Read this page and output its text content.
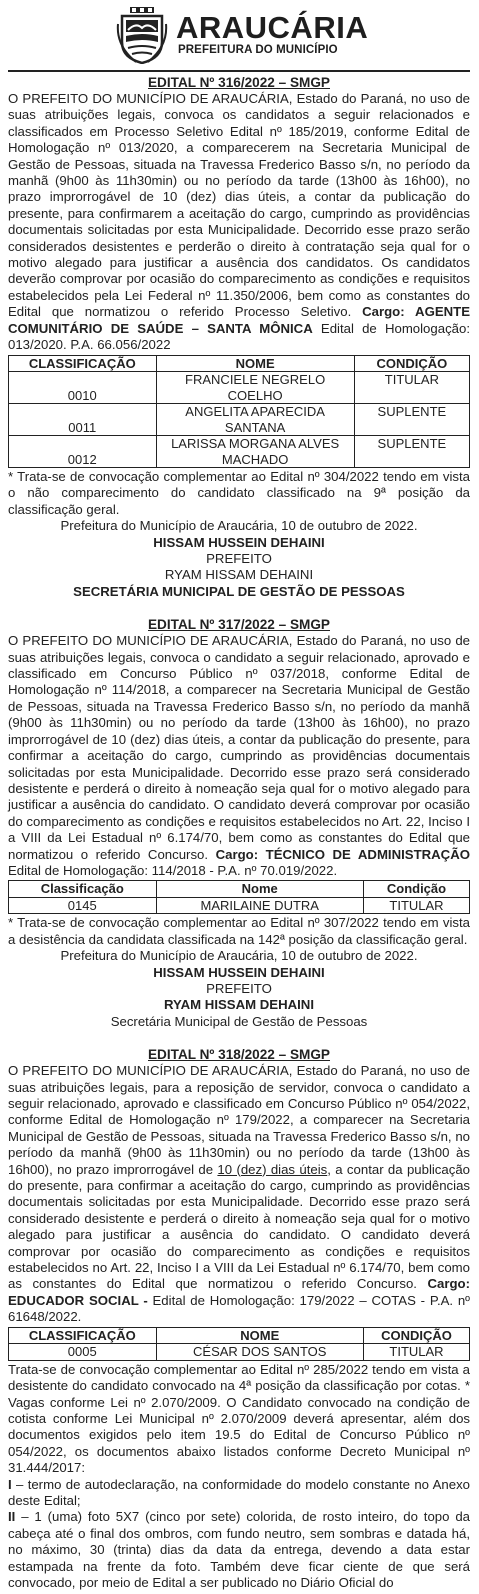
ARAUCÁRIA
PREFEITURA DO MUNICÍPIO
EDITAL Nº 316/2022 – SMGP

O PREFEITO DO MUNICÍPIO DE ARAUCÁRIA, Estado do Paraná, no uso de suas atribuições legais, convoca os candidatos a seguir relacionados e classificados em Processo Seletivo Edital nº 185/2019, conforme Edital de Homologação nº 013/2020, a comparecerem na Secretaria Municipal de Gestão de Pessoas, situada na Travessa Frederico Basso s/n, no período da manhã (9h00 às 11h30min) ou no período da tarde (13h00 às 16h00), no prazo improrrogável de 10 (dez) dias úteis, a contar da publicação do presente, para confirmarem a aceitação do cargo, cumprindo as providências documentais solicitadas por esta Municipalidade. Decorrido esse prazo serão considerados desistentes e perderão o direito à contratação seja qual for o motivo alegado para justificar a ausência dos candidatos. Os candidatos deverão comprovar por ocasião do comparecimento as condições e requisitos estabelecidos pela Lei Federal nº 11.350/2006, bem como as constantes do Edital que normatizou o referido Processo Seletivo. Cargo: AGENTE COMUNITÁRIO DE SAÚDE – SANTA MÔNICA Edital de Homologação: 013/2020. P.A. 66.056/2022

CLASSIFICAÇÃO	NOME	CONDIÇÃO
0010	FRANCIELE NEGRELO COELHO	TITULAR
0011	ANGELITA APARECIDA SANTANA	SUPLENTE
0012	LARISSA MORGANA ALVES MACHADO	SUPLENTE

* Trata-se de convocação complementar ao Edital nº 304/2022 tendo em vista o não comparecimento do candidato classificado na 9ª posição da classificação geral.

Prefeitura do Município de Araucária, 10 de outubro de 2022.

HISSAM HUSSEIN DEHAINI

PREFEITO

RYAM HISSAM DEHAINI

SECRETÁRIA MUNICIPAL DE GESTÃO DE PESSOAS

EDITAL Nº 317/2022 – SMGP

O PREFEITO DO MUNICÍPIO DE ARAUCÁRIA, Estado do Paraná, no uso de suas atribuições legais, convoca o candidato a seguir relacionado, aprovado e classificado em Concurso Público nº 037/2018, conforme Edital de Homologação nº 114/2018, a comparecer na Secretaria Municipal de Gestão de Pessoas, situada na Travessa Frederico Basso s/n, no período da manhã (9h00 às 11h30min) ou no período da tarde (13h00 às 16h00), no prazo improrrogável de 10 (dez) dias úteis, a contar da publicação do presente, para confirmar a aceitação do cargo, cumprindo as providências documentais solicitadas por esta Municipalidade. Decorrido esse prazo será considerado desistente e perderá o direito à nomeação seja qual for o motivo alegado para justificar a ausência do candidato. O candidato deverá comprovar por ocasião do comparecimento as condições e requisitos estabelecidos no Art. 22, Inciso I a VIII da Lei Estadual nº 6.174/70, bem como as constantes do Edital que normatizou o referido Concurso. Cargo: TÉCNICO DE ADMINISTRAÇÃO Edital de Homologação: 114/2018 - P.A. nº 70.019/2022.

Classificação	Nome	Condição
0145	MARILAINE DUTRA	TITULAR

* Trata-se de convocação complementar ao Edital nº 307/2022 tendo em vista a desistência da candidata classificada na 142ª posição da classificação geral.

Prefeitura do Município de Araucária, 10 de outubro de 2022.

HISSAM HUSSEIN DEHAINI

PREFEITO

RYAM HISSAM DEHAINI

Secretária Municipal de Gestão de Pessoas

EDITAL Nº 318/2022 – SMGP

O PREFEITO DO MUNICÍPIO DE ARAUCÁRIA, Estado do Paraná, no uso de suas atribuições legais, para a reposição de servidor, convoca o candidato a seguir relacionado, aprovado e classificado em Concurso Público nº 054/2022, conforme Edital de Homologação nº 179/2022, a comparecer na Secretaria Municipal de Gestão de Pessoas, situada na Travessa Frederico Basso s/n, no período da manhã (9h00 às 11h30min) ou no período da tarde (13h00 às 16h00), no prazo improrrogável de 10 (dez) dias úteis, a contar da publicação do presente, para confirmar a aceitação do cargo, cumprindo as providências documentais solicitadas por esta Municipalidade. Decorrido esse prazo será considerado desistente e perderá o direito à nomeação seja qual for o motivo alegado para justificar a ausência do candidato. O candidato deverá comprovar por ocasião do comparecimento as condições e requisitos estabelecidos no Art. 22, Inciso I a VIII da Lei Estadual nº 6.174/70, bem como as constantes do Edital que normatizou o referido Concurso. Cargo: EDUCADOR SOCIAL - Edital de Homologação: 179/2022 – COTAS - P.A. nº 61648/2022.

CLASSIFICAÇÃO	NOME	CONDIÇÃO
0005	CÉSAR DOS SANTOS	TITULAR

Trata-se de convocação complementar ao Edital nº 285/2022 tendo em vista a desistente do candidato convocado na 4ª posição da classificação por cotas. * Vagas conforme Lei nº 2.070/2009. O Candidato convocado na condição de cotista conforme Lei Municipal nº 2.070/2009 deverá apresentar, além dos documentos exigidos pelo item 19.5 do Edital de Concurso Público nº 054/2022, os documentos abaixo listados conforme Decreto Municipal nº 31.444/2017:

I – termo de autodeclaração, na conformidade do modelo constante no Anexo deste Edital;

II – 1 (uma) foto 5X7 (cinco por sete) colorida, de rosto inteiro, do topo da cabeça até o final dos ombros, com fundo neutro, sem sombras e datada há, no máximo, 30 (trinta) dias da data da entrega, devendo a data estar estampada na frente da foto. Também deve ficar ciente de que será convocado, por meio de Edital a ser publicado no Diário Oficial do
